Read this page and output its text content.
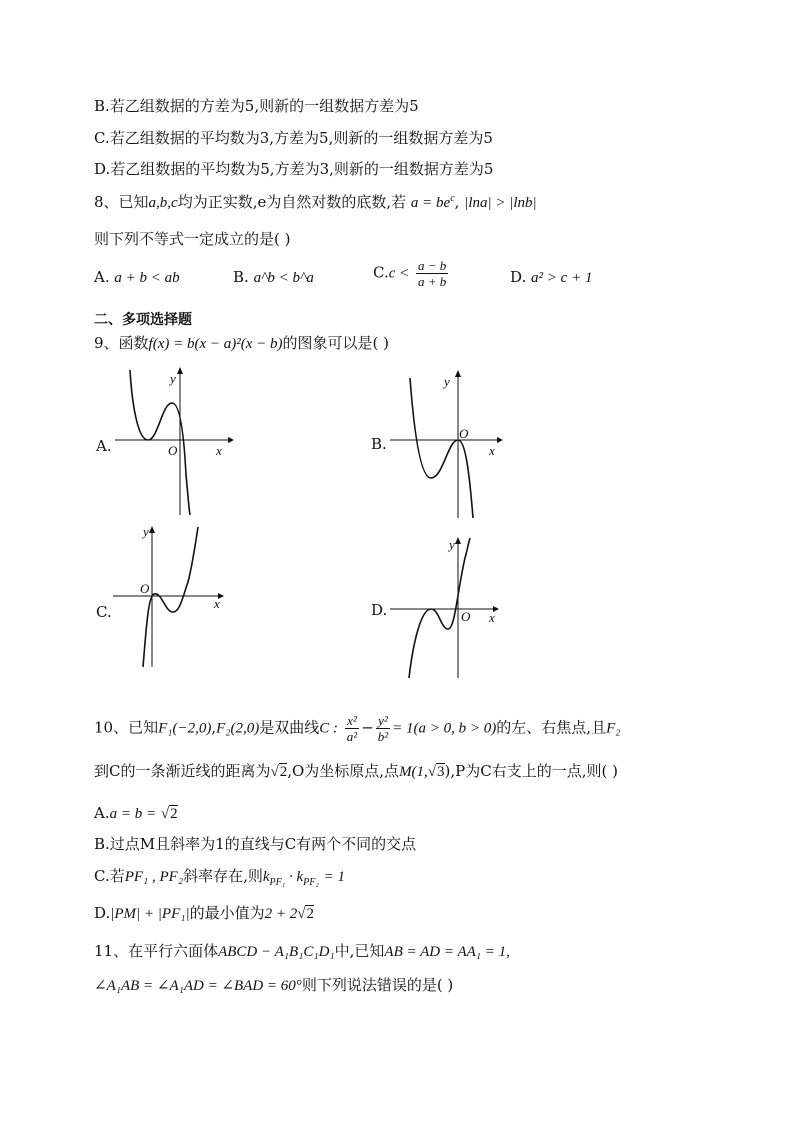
B.若乙组数据的方差为5,则新的一组数据方差为5
C.若乙组数据的平均数为3,方差为5,则新的一组数据方差为5
D.若乙组数据的平均数为5,方差为3,则新的一组数据方差为5
8、已知a,b,c均为正实数,e为自然对数的底数,若 $a = be^c$, |lna| > |lnb|
则下列不等式一定成立的是( )
A. a + b < ab	B. a^b < b^a	$C.c < \frac{a - b}{a + b}$	D. a² > c + 1
二、多项选择题
9、函数f(x) = b(x − a)²(x − b)的图象可以是( )
A.
y
O	x	B.
y
O
x
C.
y
O
x	D.
y
O x
10、已知F₁(−2,0),F₂(2,0)是双曲线C : $\frac{\text{x²}}{\text{a²}} - \frac{\text{y²}}{\text{b²}} = 1(a > 0$, b > 0)的左、右焦点,且F₂
到C的一条渐近线的距离为√2,O为坐标原点,点M(1,√3),P为C右支上的一点,则( )
A.a = b = √2
B.过点M且斜率为1的直线与C有两个不同的交点
C.若PF₁ , PF₂斜率存在,则$k_{PF_1} \cdot k_{PF_2} = 1$
D.|PM| + |PF₁|的最小值为2 + 2√2
11、在平行六面体ABCD − A₁B₁C₁D₁中,已知AB = AD = AA₁ = 1,
∠A₁AB = ∠A₁AD = ∠BAD = 60°则下列说法错误的是( )
